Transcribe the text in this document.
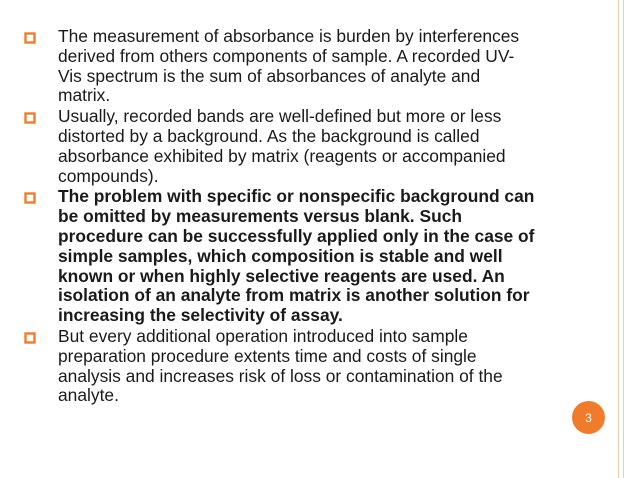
The measurement of absorbance is burden by interferences derived from others components of sample. A recorded UV-Vis spectrum is the sum of absorbances of analyte and matrix.
Usually, recorded bands are well-defined but more or less distorted by a background. As the background is called absorbance exhibited by matrix (reagents or accompanied compounds).
The problem with specific or nonspecific background can be omitted by measurements versus blank. Such procedure can be successfully applied only in the case of simple samples, which composition is stable and well known or when highly selective reagents are used. An isolation of an analyte from matrix is another solution for increasing the selectivity of assay.
But every additional operation introduced into sample preparation procedure extents time and costs of single analysis and increases risk of loss or contamination of the analyte.
3
